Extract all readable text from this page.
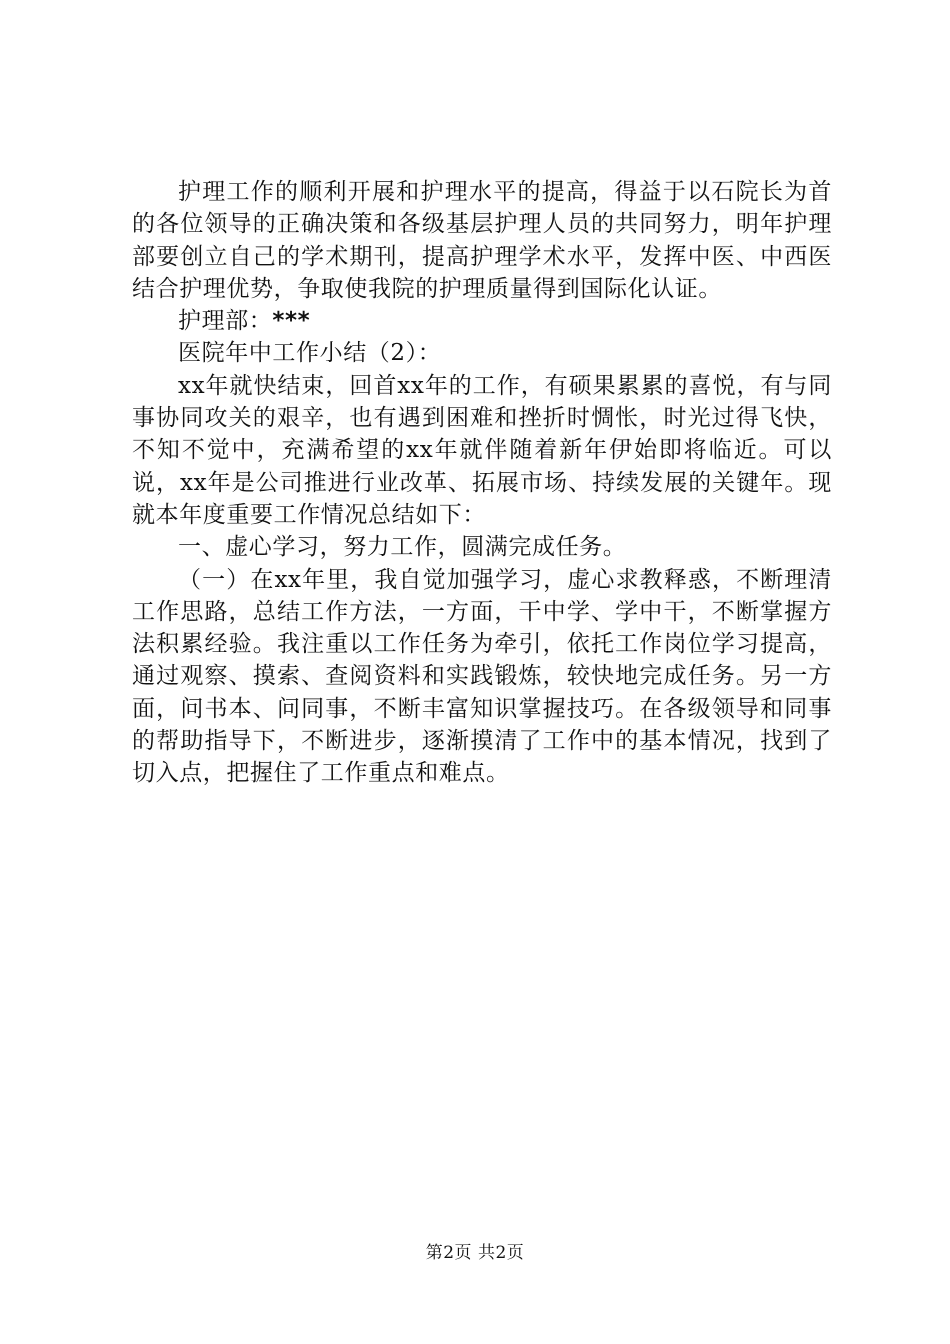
护理工作的顺利开展和护理水平的提高，得益于以石院长为首的各位领导的正确决策和各级基层护理人员的共同努力，明年护理部要创立自己的学术期刊，提高护理学术水平，发挥中医、中西医结合护理优势，争取使我院的护理质量得到国际化认证。

护理部：***

医院年中工作小结（2）：

xx年就快结束，回首xx年的工作，有硕果累累的喜悦，有与同事协同攻关的艰辛，也有遇到困难和挫折时惆怅，时光过得飞快，不知不觉中，充满希望的xx年就伴随着新年伊始即将临近。可以说，xx年是公司推进行业改革、拓展市场、持续发展的关键年。现就本年度重要工作情况总结如下：

一、虚心学习，努力工作，圆满完成任务。

（一）在xx年里，我自觉加强学习，虚心求教释惑，不断理清工作思路，总结工作方法，一方面，干中学、学中干，不断掌握方法积累经验。我注重以工作任务为牵引，依托工作岗位学习提高，通过观察、摸索、查阅资料和实践锻炼，较快地完成任务。另一方面，问书本、问同事，不断丰富知识掌握技巧。在各级领导和同事的帮助指导下，不断进步，逐渐摸清了工作中的基本情况，找到了切入点，把握住了工作重点和难点。

第2页 共2页
